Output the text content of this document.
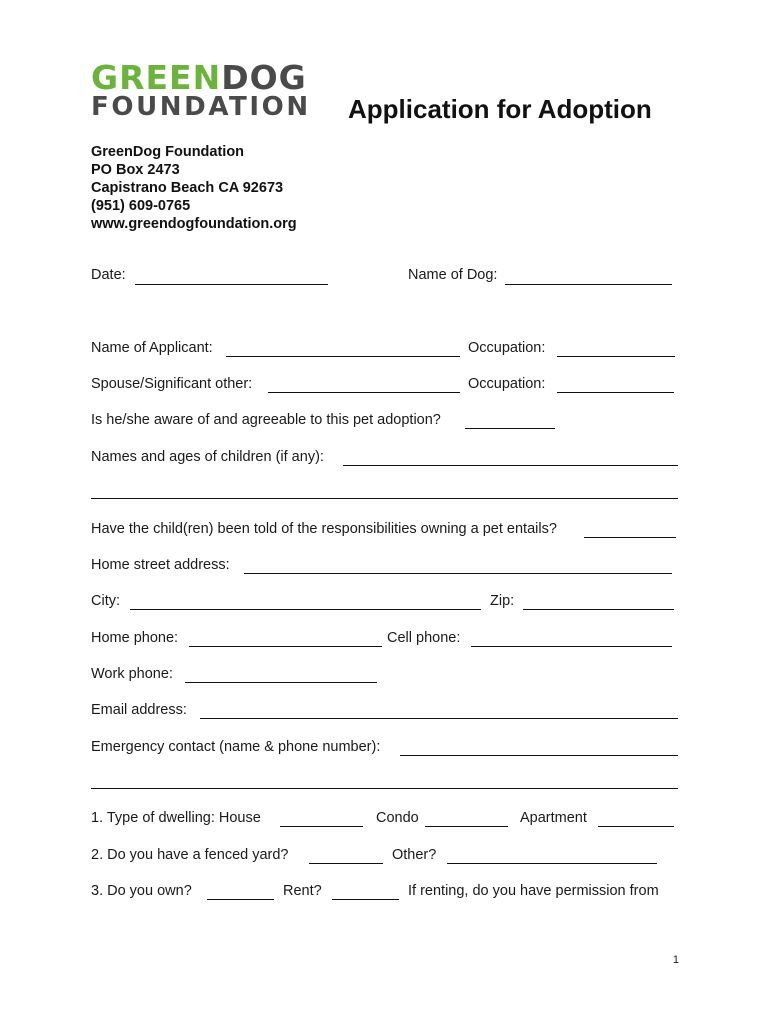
GREENDOG
FOUNDATION Application for Adoption
GreenDog Foundation
PO Box 2473
Capistrano Beach CA 92673
(951) 609-0765
www.greendogfoundation.org
Date:	Name of Dog:
Name of Applicant:	Occupation:
Spouse/Significant other:	Occupation:
Is he/she aware of and agreeable to this pet adoption?
Names and ages of children (if any):
Have the child(ren) been told of the responsibilities owning a pet entails?
Home street address:
City:	Zip:
Home phone:	Cell phone:
Work phone:
Email address:
Emergency contact (name & phone number):
1. Type of dwelling: House	Condo	Apartment
2. Do you have a fenced yard?	Other?
3. Do you own?	Rent?	If renting, do you have permission from
1
